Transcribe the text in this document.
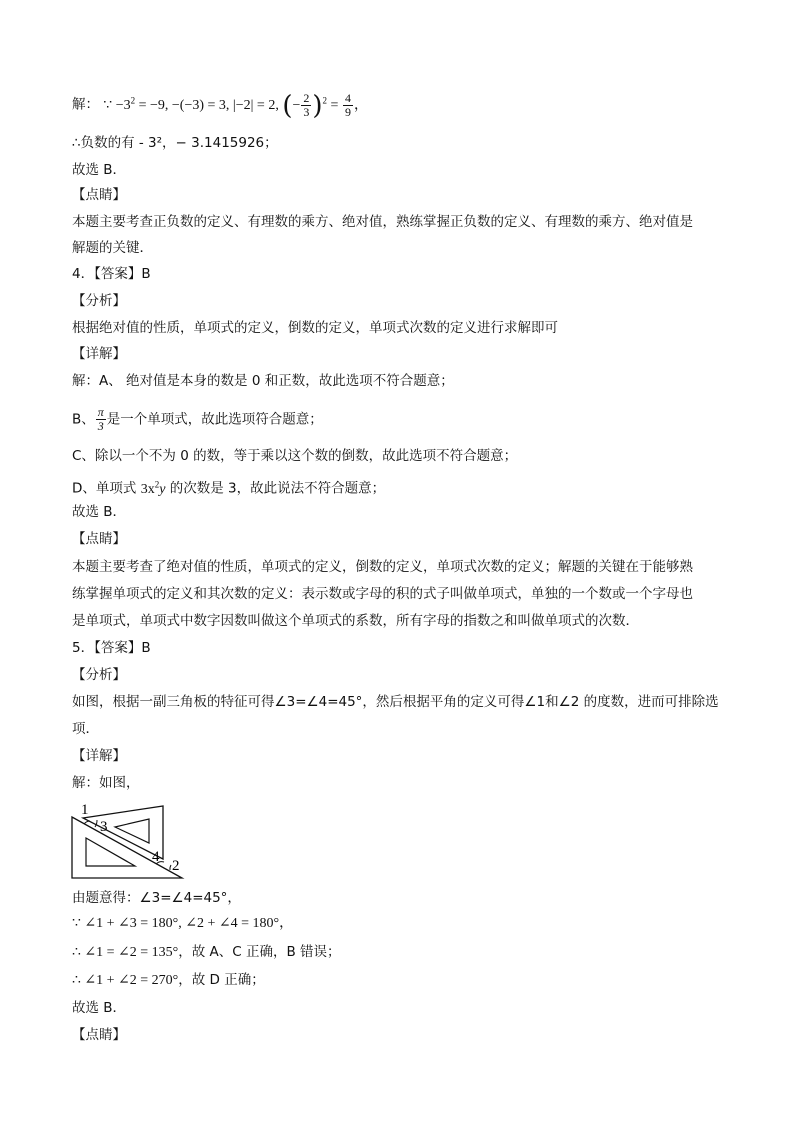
解： ∵ $-3^2 = -9$, −(−3) = 3, |−2| = 2, (− $\frac{2}{3} )^2 = \frac{4}{9}$ ，
∴负数的有 - 3²，− 3.1415926；
故选 B．
【点睛】
本题主要考查正负数的定义、有理数的乘方、绝对值，熟练掌握正负数的定义、有理数的乘方、绝对值是
解题的关键．
4．【答案】B
【分析】
根据绝对值的性质，单项式的定义，倒数的定义，单项式次数的定义进行求解即可
【详解】
解：A、 绝对值是本身的数是 0 和正数，故此选项不符合题意；
B、 $\frac{\pi}{3}$ 是一个单项式，故此选项符合题意；
C、除以一个不为 0 的数，等于乘以这个数的倒数，故此选项不符合题意；
D、单项式 $3x^2y$ 的次数是 3，故此说法不符合题意；
故选 B．
【点睛】
本题主要考查了绝对值的性质，单项式的定义，倒数的定义，单项式次数的定义；解题的关键在于能够熟
练掌握单项式的定义和其次数的定义：表示数或字母的积的式子叫做单项式，单独的一个数或一个字母也
是单项式，单项式中数字因数叫做这个单项式的系数，所有字母的指数之和叫做单项式的次数．
5．【答案】B
【分析】
如图，根据一副三角板的特征可得∠3=∠4=45°，然后根据平角的定义可得∠1和∠2 的度数，进而可排除选
项．
【详解】
解：如图，
1
3
4
2
由题意得：∠3=∠4=45°，
∵ ∠1 + ∠3 = 180°, ∠2 + ∠4 = 180°，
∴ ∠1 = ∠2 = 135°，故 A、C 正确，B 错误；
∴ ∠1 + ∠2 = 270°，故 D 正确；
故选 B．
【点睛】
